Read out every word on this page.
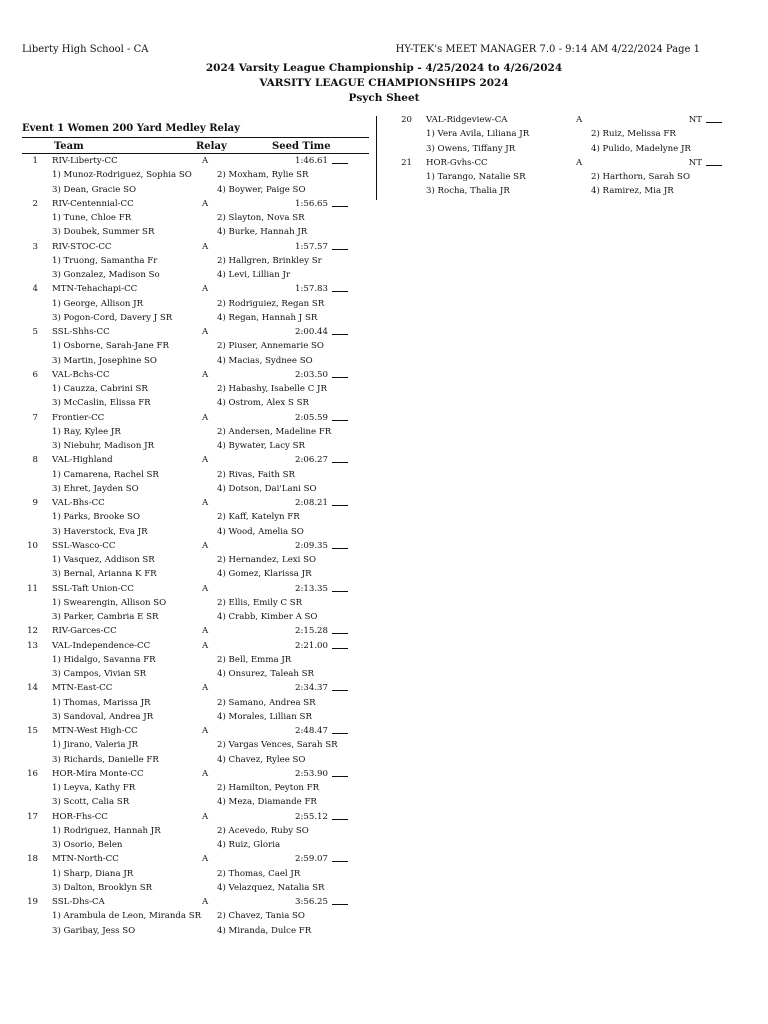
Liberty High School - CA	HY-TEK's MEET MANAGER 7.0 - 9:14 AM 4/22/2024 Page 1
2024 Varsity League Championship - 4/25/2024 to 4/26/2024
VARSITY LEAGUE CHAMPIONSHIPS 2024
Psych Sheet
Event 1 Women 200 Yard Medley Relay
Team	Relay	Seed Time
1 RIV-Liberty-CC	A	1:46.61
1) Munoz-Rodriguez, Sophia SO	2) Moxham, Rylie SR
3) Dean, Gracie SO	4) Boywer, Paige SO
2 RIV-Centennial-CC	A	1:56.65
1) Tune, Chloe FR	2) Slayton, Nova SR
3) Doubek, Summer SR	4) Burke, Hannah JR
3 RIV-STOC-CC	A	1:57.57
1) Truong, Samantha Fr	2) Hallgren, Brinkley Sr
3) Gonzalez, Madison So	4) Levi, Lillian Jr
4 MTN-Tehachapi-CC	A	1:57.83
1) George, Allison JR	2) Rodriguiez, Regan SR
3) Pogon-Cord, Davery J SR	4) Regan, Hannah J SR
5 SSL-Shhs-CC	A	2:00.44
1) Osborne, Sarah-Jane FR	2) Piuser, Annemarie SO
3) Martin, Josephine SO	4) Macias, Sydnee SO
6 VAL-Bchs-CC	A	2:03.50
1) Cauzza, Cabrini SR	2) Habashy, Isabelle C JR
3) McCaslin, Elissa FR	4) Ostrom, Alex S SR
7 Frontier-CC	A	2:05.59
1) Ray, Kylee JR	2) Andersen, Madeline FR
3) Niebuhr, Madison JR	4) Bywater, Lacy SR
8 VAL-Highland	A	2:06.27
1) Camarena, Rachel SR	2) Rivas, Faith SR
3) Ehret, Jayden SO	4) Dotson, Dai'Lani SO
9 VAL-Bhs-CC	A	2:08.21
1) Parks, Brooke SO	2) Kaff, Katelyn FR
3) Haverstock, Eva JR	4) Wood, Amelia SO
10 SSL-Wasco-CC	A	2:09.35
1) Vasquez, Addison SR	2) Hernandez, Lexi SO
3) Bernal, Arianna K FR	4) Gomez, Klarissa JR
11 SSL-Taft Union-CC	A	2:13.35
1) Swearengin, Allison SO	2) Ellis, Emily C SR
3) Parker, Cambria E SR	4) Crabb, Kimber A SO
12 RIV-Garces-CC	A	2:15.28
13 VAL-Independence-CC	A	2:21.00
1) Hidalgo, Savanna FR	2) Bell, Emma JR
3) Campos, Vivian SR	4) Onsurez, Taleah SR
14 MTN-East-CC	A	2:34.37
1) Thomas, Marissa JR	2) Samano, Andrea SR
3) Sandoval, Andrea JR	4) Morales, Lillian SR
15 MTN-West High-CC	A	2:48.47
1) Jirano, Valeria JR	2) Vargas Vences, Sarah SR
3) Richards, Danielle FR	4) Chavez, Rylee SO
16 HOR-Mira Monte-CC	A	2:53.90
1) Leyva, Kathy FR	2) Hamilton, Peyton FR
3) Scott, Calia SR	4) Meza, Diamande FR
17 HOR-Fhs-CC	A	2:55.12
1) Rodriguez, Hannah JR	2) Acevedo, Ruby SO
3) Osorio, Belen	4) Ruiz, Gloria
18 MTN-North-CC	A	2:59.07
1) Sharp, Diana JR	2) Thomas, Cael JR
3) Dalton, Brooklyn SR	4) Velazquez, Natalia SR
19 SSL-Dhs-CA	A	3:56.25
1) Arambula de Leon, Miranda SR 2) Chavez, Tania SO
3) Garibay, Jess SO	4) Miranda, Dulce FR
20 VAL-Ridgeview-CA	A	NT
1) Vera Avila, Liliana JR	2) Ruiz, Melissa FR
3) Owens, Tiffany JR	4) Pulido, Madelyne JR
21 HOR-Gvhs-CC	A	NT
1) Tarango, Natalie SR	2) Harthorn, Sarah SO
3) Rocha, Thalia JR	4) Ramirez, Mia JR
